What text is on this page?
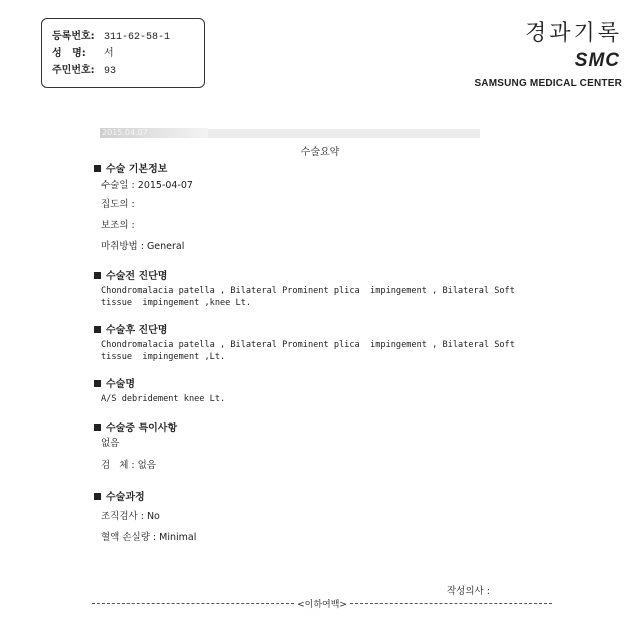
등록번호: 311-62-58-1
성   명:	서
주민번호: 93
경과기록
SMC
SAMSUNG MEDICAL CENTER
2015.04.07
수술요약
수술 기본정보
수술일 : 2015-04-07
집도의 :
보조의 :
마취방법 : General
수술전 진단명
Chondromalacia patella , Bilateral Prominent plica  impingement , Bilateral Soft
tissue  impingement ,knee Lt.
수술후 진단명
Chondromalacia patella , Bilateral Prominent plica  impingement , Bilateral Soft
tissue  impingement ,Lt.
수술명
A/S debridement knee Lt.
수술중 특이사항
없음
검   체 : 없음
수술과정
조직검사 : No
혈액 손실량 : Minimal
작성의사 :
<이하여백>
